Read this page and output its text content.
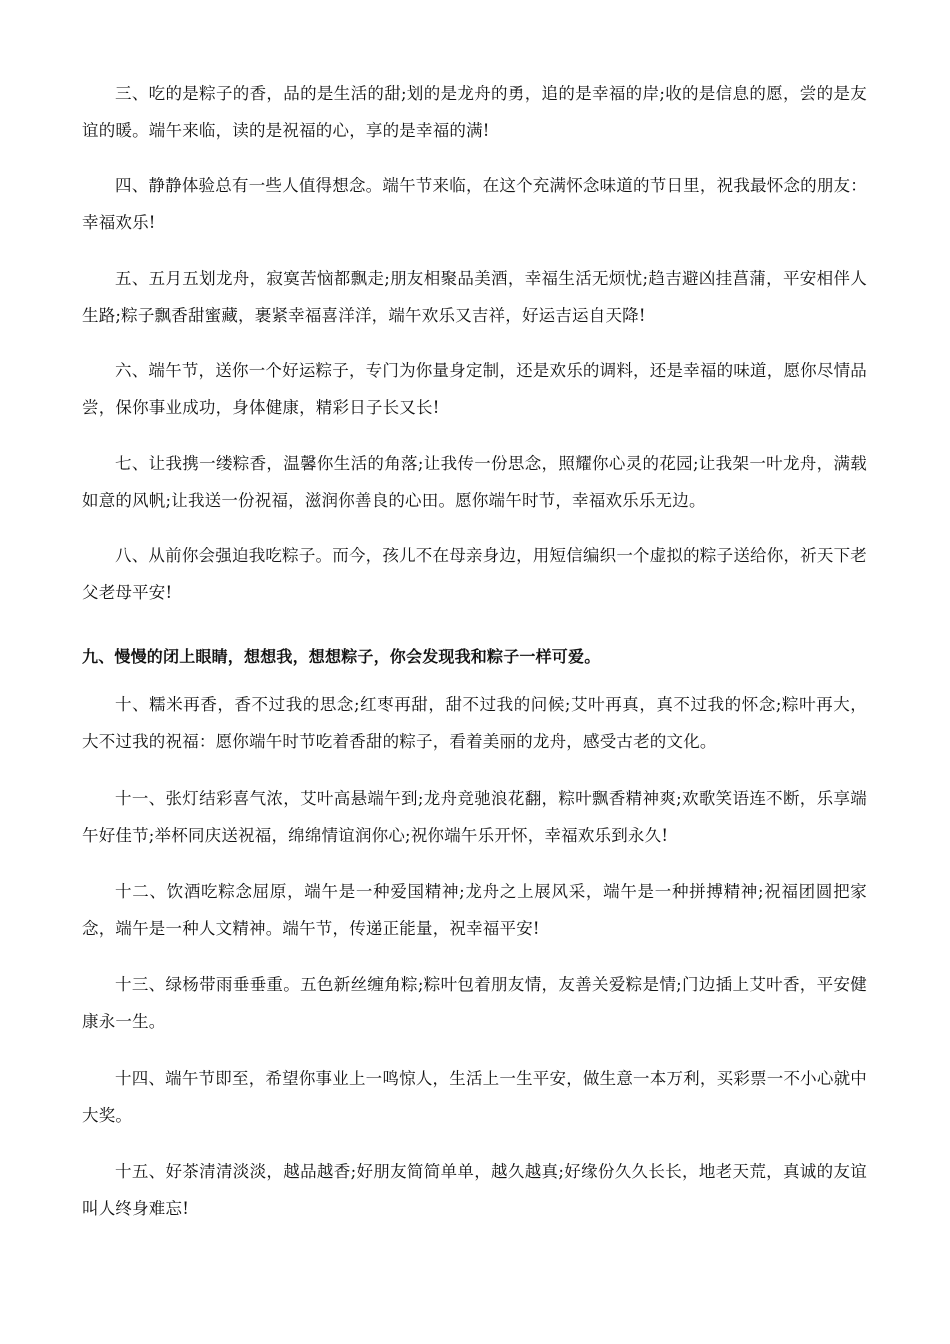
三、吃的是粽子的香，品的是生活的甜;划的是龙舟的勇，追的是幸福的岸;收的是信息的愿，尝的是友谊的暖。端午来临，读的是祝福的心，享的是幸福的满!

四、静静体验总有一些人值得想念。端午节来临，在这个充满怀念味道的节日里，祝我最怀念的朋友：幸福欢乐!

五、五月五划龙舟，寂寞苦恼都飘走;朋友相聚品美酒，幸福生活无烦忧;趋吉避凶挂菖蒲，平安相伴人生路;粽子飘香甜蜜藏，裹紧幸福喜洋洋，端午欢乐又吉祥，好运吉运自天降!

六、端午节，送你一个好运粽子，专门为你量身定制，还是欢乐的调料，还是幸福的味道，愿你尽情品尝，保你事业成功，身体健康，精彩日子长又长!

七、让我携一缕粽香，温馨你生活的角落;让我传一份思念，照耀你心灵的花园;让我架一叶龙舟，满载如意的风帆;让我送一份祝福，滋润你善良的心田。愿你端午时节，幸福欢乐乐无边。

八、从前你会强迫我吃粽子。而今，孩儿不在母亲身边，用短信编织一个虚拟的粽子送给你，祈天下老父老母平安!

九、慢慢的闭上眼睛，想想我，想想粽子，你会发现我和粽子一样可爱。

十、糯米再香，香不过我的思念;红枣再甜，甜不过我的问候;艾叶再真，真不过我的怀念;粽叶再大，大不过我的祝福：愿你端午时节吃着香甜的粽子，看着美丽的龙舟，感受古老的文化。

十一、张灯结彩喜气浓，艾叶高悬端午到;龙舟竞驰浪花翻，粽叶飘香精神爽;欢歌笑语连不断，乐享端午好佳节;举杯同庆送祝福，绵绵情谊润你心;祝你端午乐开怀，幸福欢乐到永久!

十二、饮酒吃粽念屈原，端午是一种爱国精神;龙舟之上展风采，端午是一种拼搏精神;祝福团圆把家念，端午是一种人文精神。端午节，传递正能量，祝幸福平安!

十三、绿杨带雨垂垂重。五色新丝缠角粽;粽叶包着朋友情，友善关爱粽是情;门边插上艾叶香，平安健康永一生。

十四、端午节即至，希望你事业上一鸣惊人，生活上一生平安，做生意一本万利，买彩票一不小心就中大奖。

十五、好茶清清淡淡，越品越香;好朋友简简单单，越久越真;好缘份久久长长，地老天荒，真诚的友谊叫人终身难忘!
